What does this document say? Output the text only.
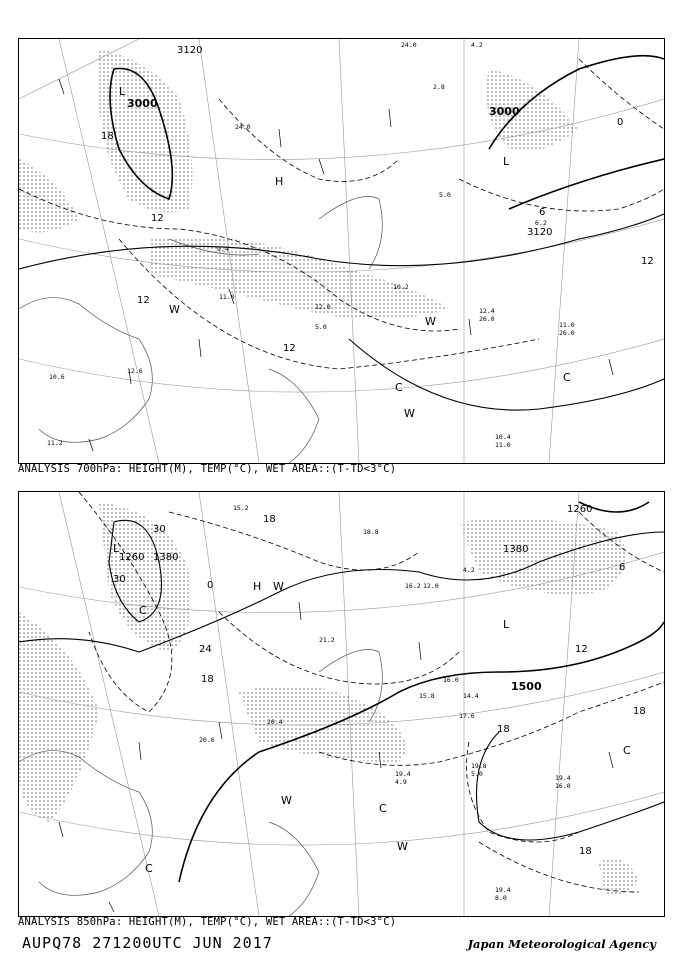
3120
3000
3000
3120
18
12
12
12
12
6
0
L
L
H
W
W
W
C
C
24.0
12.4
11.0
10.4
12.6
6.2
9.4
12.0
11.0
10.2
2.8
4.2
10.6
11.2
24.0
26.0
11.0
5.0
26.0
5.0
ANALYSIS 700hPa: HEIGHT(M), TEMP(°C), WET AREA::(T-TD<3°C)
1260 1380
1500
1380
1260
30
30
24
18
18
18
18
18
12
6
0
L
L
H W
W
W
C
C
C
C
19.4
16.0
19.8
5.0
19.4
4.9
15.8
16.0
14.4
17.6
21.2
20.6
15.2
18.8
19.4
8.0
20.4
16.2 12.0
4.2
ANALYSIS 850hPa: HEIGHT(M), TEMP(°C), WET AREA::(T-TD<3°C)
AUPQ78 271200UTC JUN 2017	Japan Meteorological Agency
